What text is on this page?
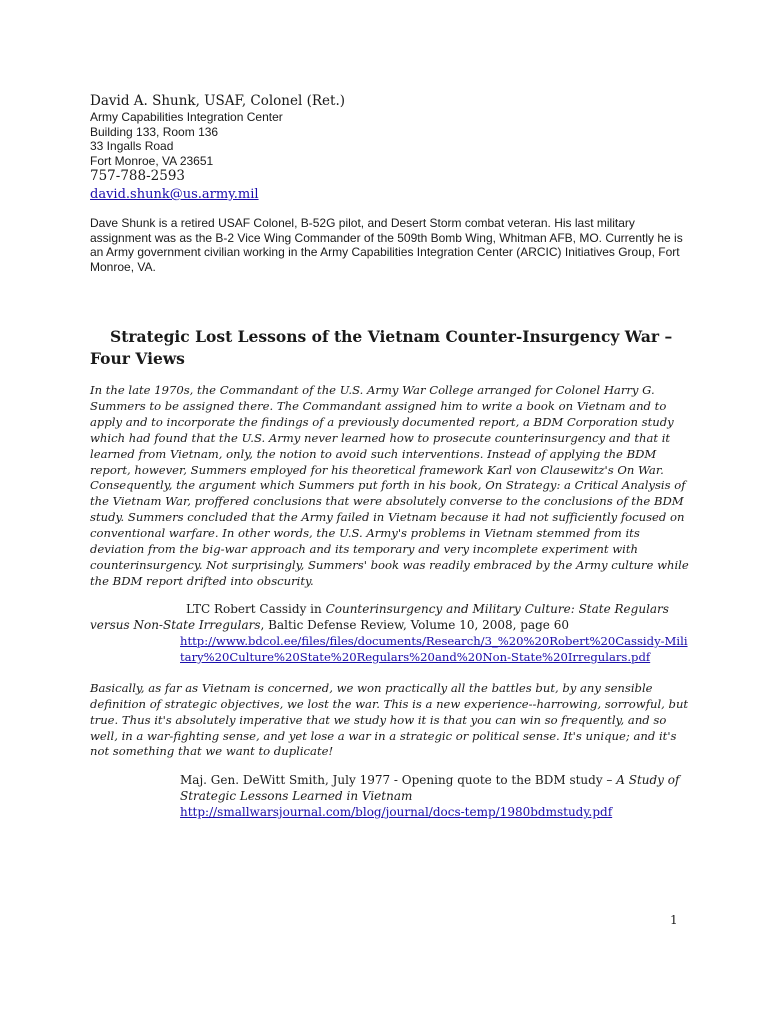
David A. Shunk, USAF, Colonel (Ret.)

Army Capabilities Integration Center

Building 133, Room 136

33 Ingalls Road

Fort Monroe, VA 23651

757-788-2593

david.shunk@us.army.mil

Dave Shunk is a retired USAF Colonel, B-52G pilot, and Desert Storm combat veteran. His last military assignment was as the B-2 Vice Wing Commander of the 509th Bomb Wing, Whitman AFB, MO. Currently he is an Army government civilian working in the Army Capabilities Integration Center (ARCIC) Initiatives Group, Fort Monroe, VA.

Strategic Lost Lessons of the Vietnam Counter-Insurgency War – Four Views

In the late 1970s, the Commandant of the U.S. Army War College arranged for Colonel Harry G. Summers to be assigned there. The Commandant assigned him to write a book on Vietnam and to apply and to incorporate the findings of a previously documented report, a BDM Corporation study which had found that the U.S. Army never learned how to prosecute counterinsurgency and that it learned from Vietnam, only, the notion to avoid such interventions. Instead of applying the BDM report, however, Summers employed for his theoretical framework Karl von Clausewitz's On War. Consequently, the argument which Summers put forth in his book, On Strategy: a Critical Analysis of the Vietnam War, proffered conclusions that were absolutely converse to the conclusions of the BDM study. Summers concluded that the Army failed in Vietnam because it had not sufficiently focused on conventional warfare. In other words, the U.S. Army's problems in Vietnam stemmed from its deviation from the big-war approach and its temporary and very incomplete experiment with counterinsurgency. Not surprisingly, Summers' book was readily embraced by the Army culture while the BDM report drifted into obscurity.

LTC Robert Cassidy in Counterinsurgency and Military Culture: State Regulars versus Non-State Irregulars, Baltic Defense Review, Volume 10, 2008, page 60

http://www.bdcol.ee/files/files/documents/Research/3_%20%20Robert%20Cassidy-Military%20Culture%20State%20Regulars%20and%20Non-State%20Irregulars.pdf

Basically, as far as Vietnam is concerned, we won practically all the battles but, by any sensible definition of strategic objectives, we lost the war. This is a new experience--harrowing, sorrowful, but true. Thus it's absolutely imperative that we study how it is that you can win so frequently, and so well, in a war-fighting sense, and yet lose a war in a strategic or political sense. It's unique; and it's not something that we want to duplicate!

Maj. Gen. DeWitt Smith, July 1977 - Opening quote to the BDM study – A Study of Strategic Lessons Learned in Vietnam
http://smallwarsjournal.com/blog/journal/docs-temp/1980bdmstudy.pdf
1
